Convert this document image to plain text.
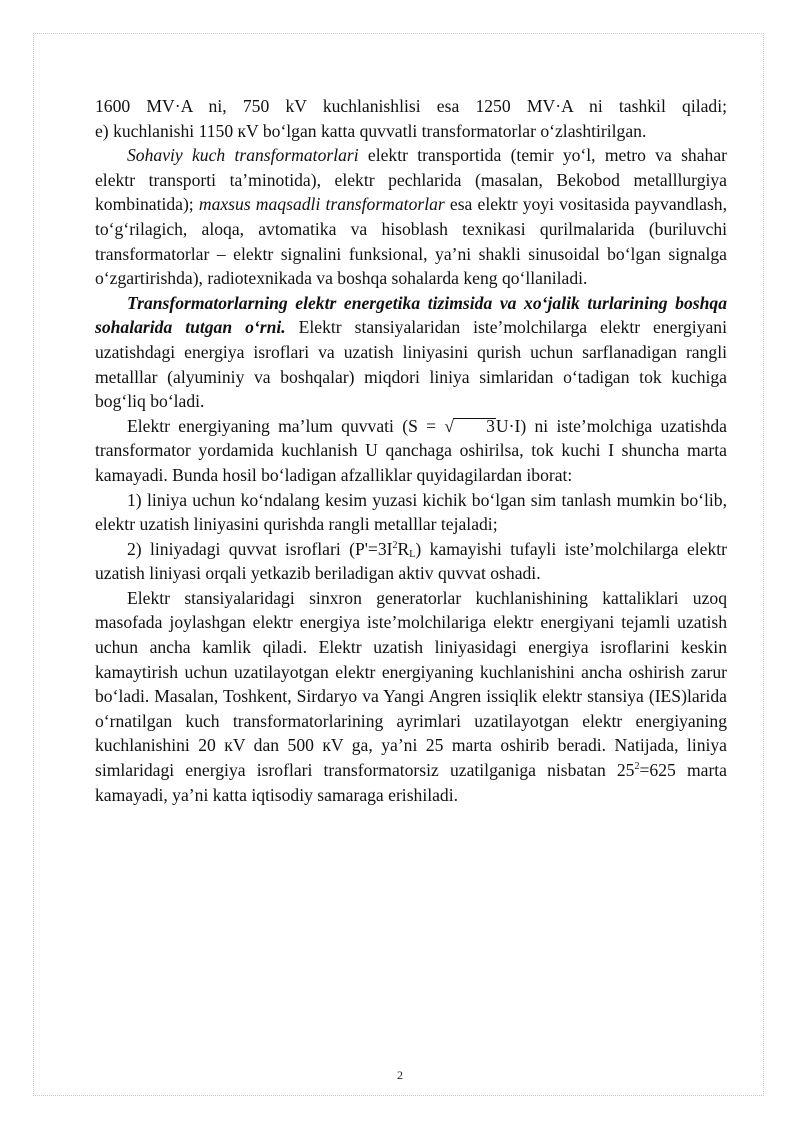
1600 MV·A ni, 750 kV kuchlanishlisi esa 1250 MV·A ni tashkil qiladi;e) kuchlanishi 1150 кV bo‘lgan katta quvvatli transformatorlar o‘zlashtirilgan.

Sohaviy kuch transformatorlari elektr transportida (temir yo‘l, metro va shahar elektr transporti ta’minotida), elektr pechlarida (masalan, Bekobod metalllurgiya kombinatida); maxsus maqsadli transformatorlar esa elektr yoyi vositasida payvandlash, to‘g‘rilagich, aloqa, avtomatika va hisoblash texnikasi qurilmalarida (buriluvchi transformatorlar – elektr signalini funksional, ya’ni shakli sinusoidal bo‘lgan signalga o‘zgartirishda), radiotexnikada va boshqa sohalarda keng qo‘llaniladi.

Transformatorlarning elektr energetika tizimsida va xo‘jalik turlarining boshqa sohalarida tutgan o‘rni. Elektr stansiyalaridan iste’molchilarga elektr energiyani uzatishdagi energiya isroflari va uzatish liniyasini qurish uchun sarflanadigan rangli metalllar (alyuminiy va boshqalar) miqdori liniya simlaridan o‘tadigan tok kuchiga bog‘liq bo‘ladi.

Elektr energiyaning ma’lum quvvati (S = √ 3U·I) ni iste’molchiga uzatishda transformator yordamida kuchlanish U qanchaga oshirilsa, tok kuchi I shuncha marta kamayadi. Bunda hosil bo‘ladigan afzalliklar quyidagilardan iborat:

1) liniya uchun ko‘ndalang kesim yuzasi kichik bo‘lgan sim tanlash mumkin bo‘lib, elektr uzatish liniyasini qurishda rangli metalllar tejaladi;

2) liniyadagi quvvat isroflari $(P'=3I^2R_L)$ kamayishi tufayli iste’molchilarga elektr uzatish liniyasi orqali yetkazib beriladigan aktiv quvvat oshadi.

Elektr stansiyalaridagi sinxron generatorlar kuchlanishining kattaliklari uzoq masofada joylashgan elektr energiya iste’molchilariga elektr energiyani tejamli uzatish uchun ancha kamlik qiladi. Elektr uzatish liniyasidagi energiya isroflarini keskin kamaytirish uchun uzatilayotgan elektr energiyaning kuchlanishini ancha oshirish zarur bo‘ladi. Masalan, Toshkent, Sirdaryo va Yangi Angren issiqlik elektr stansiya (IES)larida o‘rnatilgan kuch transformatorlarining ayrimlari uzatilayotgan elektr energiyaning kuchlanishini 20 кV dan 500 кV ga, ya’ni 25 marta oshirib beradi. Natijada, liniya simlaridagi energiya isroflari transformatorsiz uzatilganiga nisbatan $25^2=625$ marta kamayadi, ya’ni katta iqtisodiy samaraga erishiladi.

2
